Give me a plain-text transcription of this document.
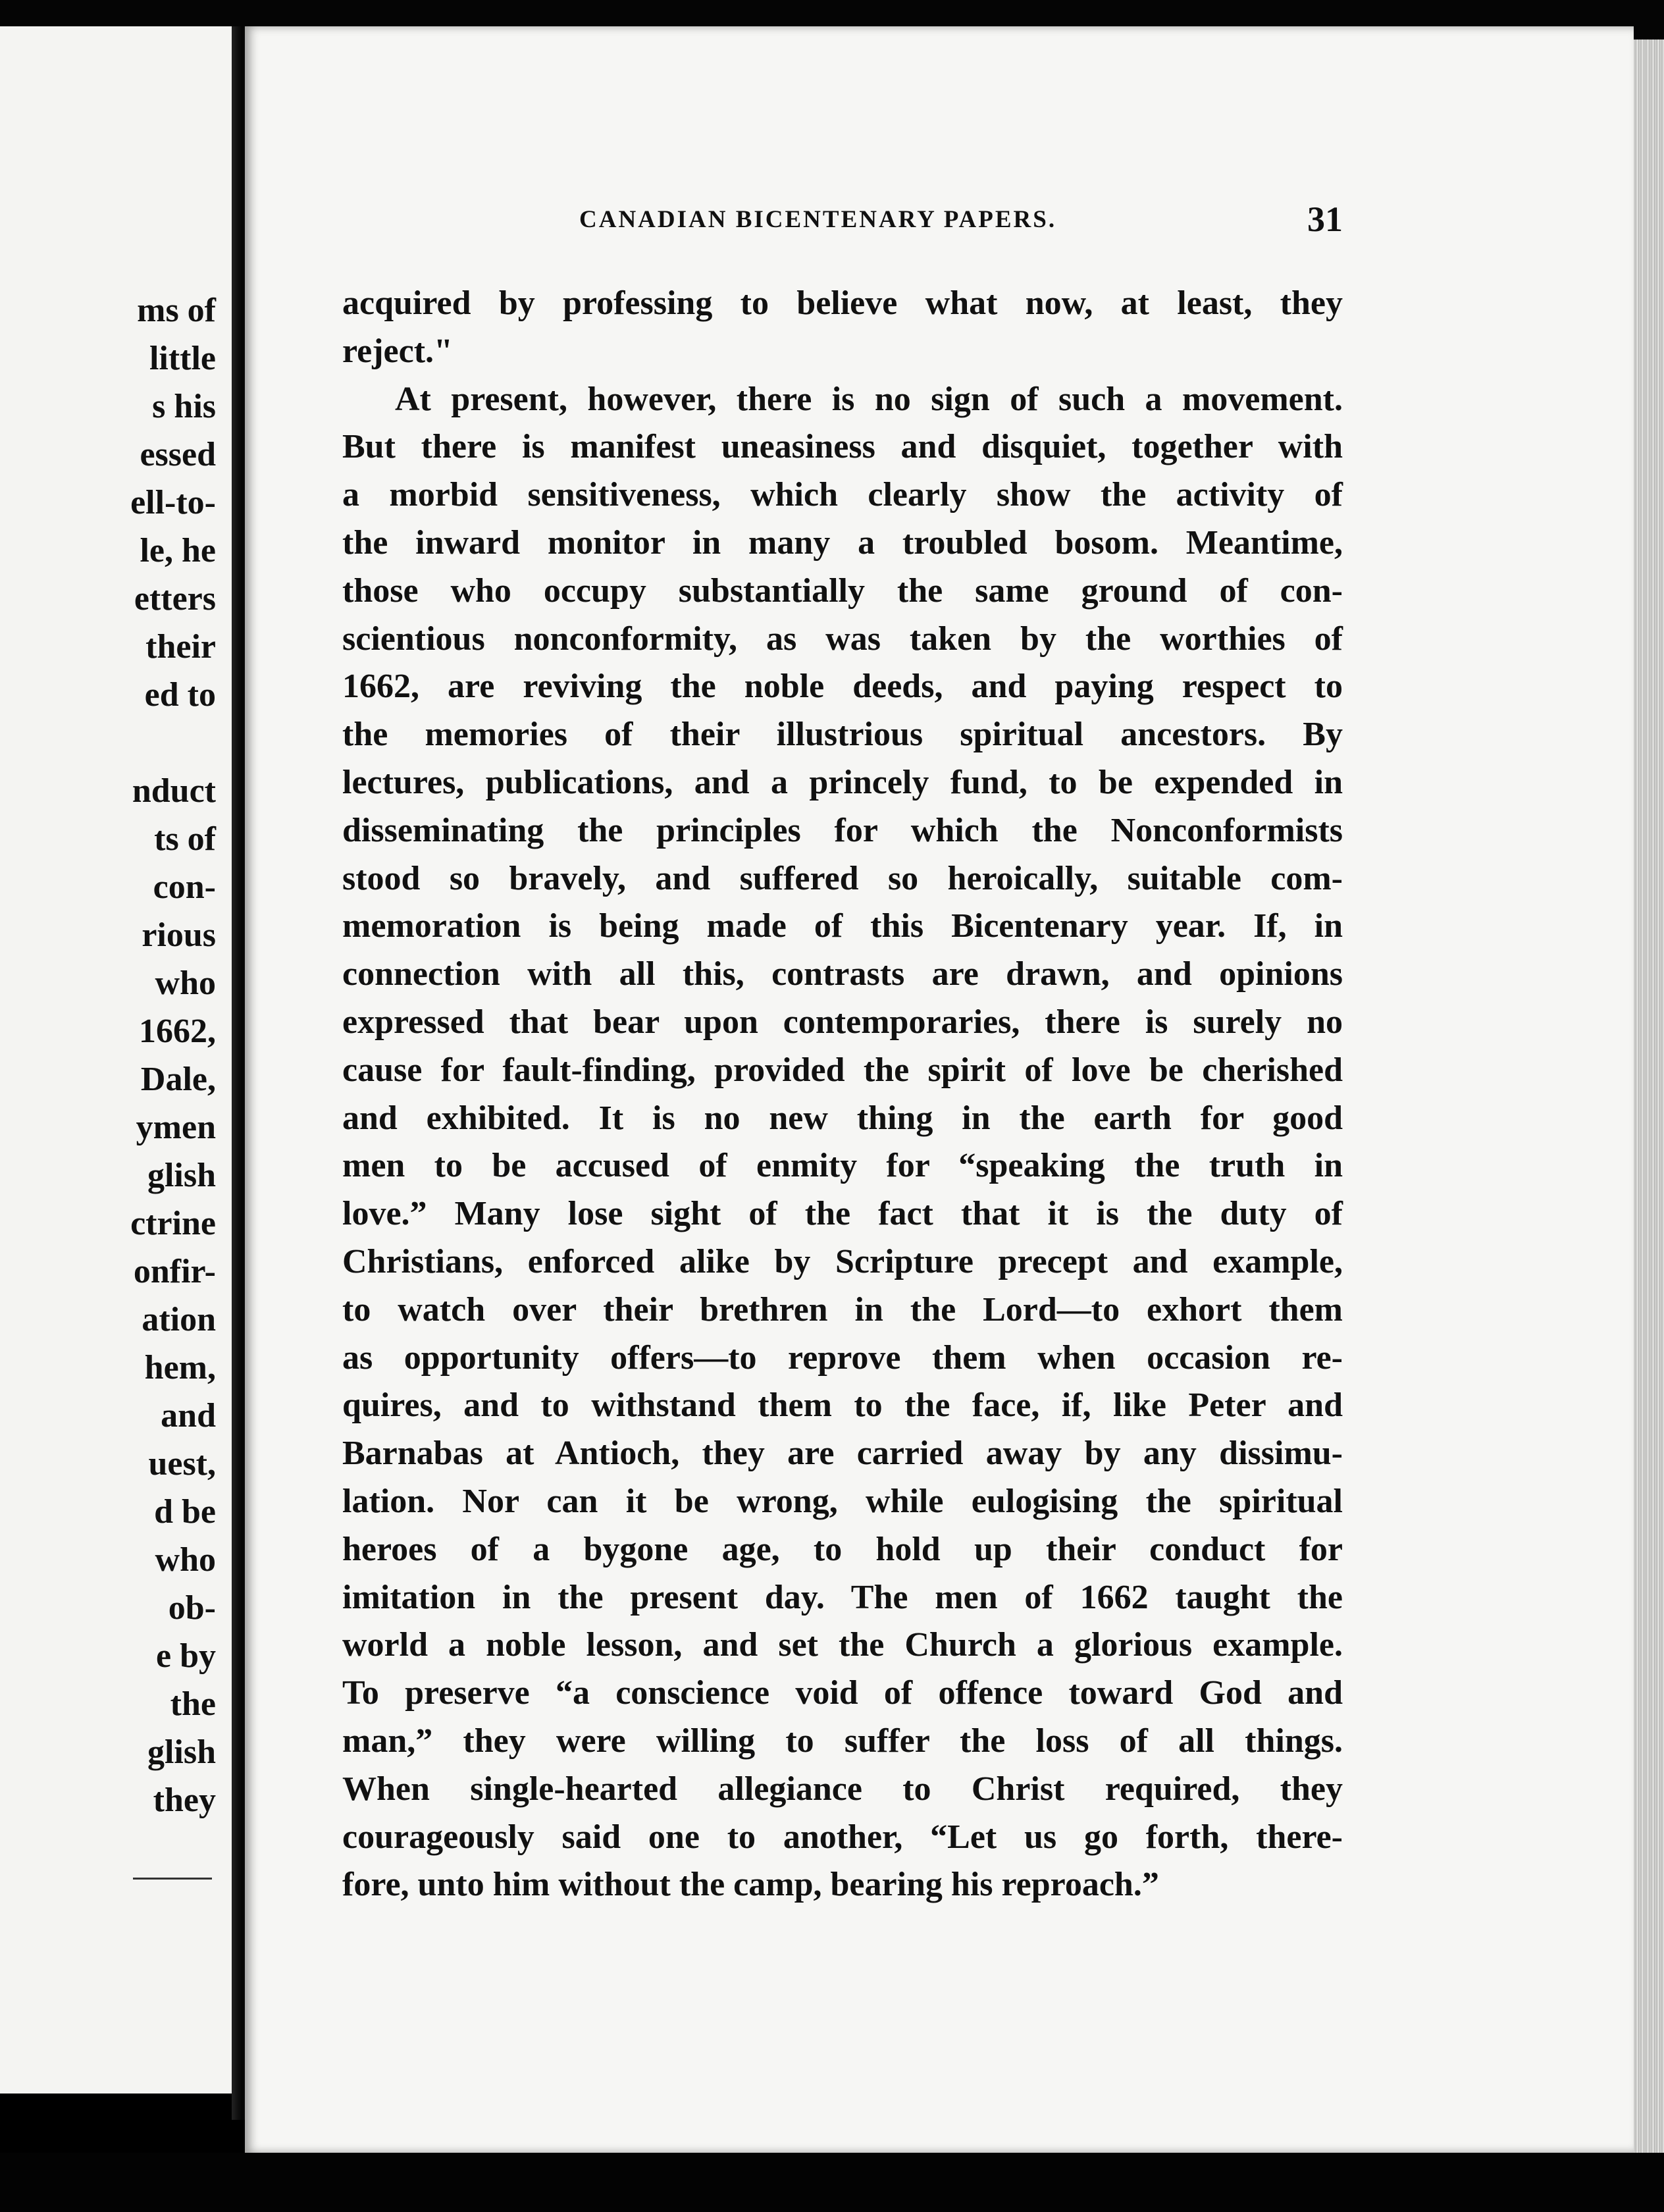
ms of
little
s his
essed
ell-to-
le, he
etters
their
ed to

nduct
ts of
con-
rious
who
1662,
Dale,
ymen
glish
ctrine
onfir-
ation
hem,
and
uest,
d be
who
ob-
e by
the
glish
they
CANADIAN BICENTENARY PAPERS.	31
acquired by professing to believe what now, at least, they
reject."
At present, however, there is no sign of such a movement.
But there is manifest uneasiness and disquiet, together with
a morbid sensitiveness, which clearly show the activity of
the inward monitor in many a troubled bosom. Meantime,
those who occupy substantially the same ground of con-
scientious nonconformity, as was taken by the worthies of
1662, are reviving the noble deeds, and paying respect to
the memories of their illustrious spiritual ancestors. By
lectures, publications, and a princely fund, to be expended in
disseminating the principles for which the Nonconformists
stood so bravely, and suffered so heroically, suitable com-
memoration is being made of this Bicentenary year. If, in
connection with all this, contrasts are drawn, and opinions
expressed that bear upon contemporaries, there is surely no
cause for fault-finding, provided the spirit of love be cherished
and exhibited. It is no new thing in the earth for good
men to be accused of enmity for “speaking the truth in
love.” Many lose sight of the fact that it is the duty of
Christians, enforced alike by Scripture precept and example,
to watch over their brethren in the Lord—to exhort them
as opportunity offers—to reprove them when occasion re-
quires, and to withstand them to the face, if, like Peter and
Barnabas at Antioch, they are carried away by any dissimu-
lation. Nor can it be wrong, while eulogising the spiritual
heroes of a bygone age, to hold up their conduct for
imitation in the present day. The men of 1662 taught the
world a noble lesson, and set the Church a glorious example.
To preserve “a conscience void of offence toward God and
man,” they were willing to suffer the loss of all things.
When single-hearted allegiance to Christ required, they
courageously said one to another, “Let us go forth, there-
fore, unto him without the camp, bearing his reproach.”
